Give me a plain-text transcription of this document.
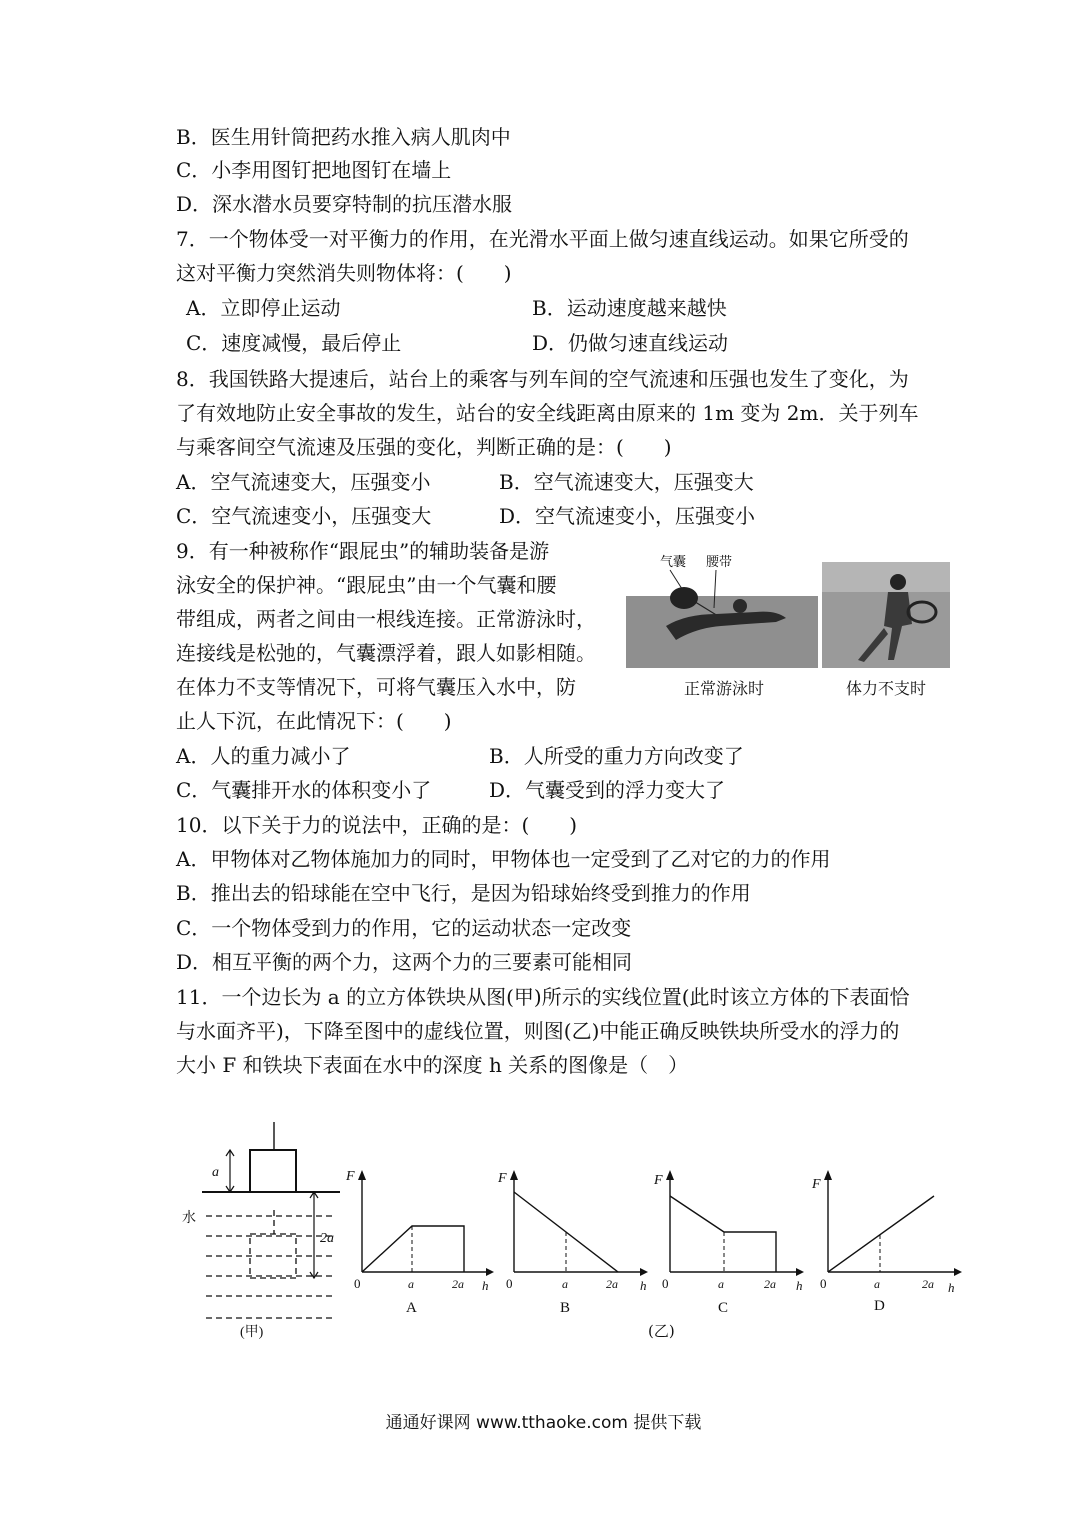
B．医生用针筒把药水推入病人肌肉中
C．小李用图钉把地图钉在墙上
D．深水潜水员要穿特制的抗压潜水服
7．一个物体受一对平衡力的作用，在光滑水平面上做匀速直线运动。如果它所受的
这对平衡力突然消失则物体将：(　　)
A．立即停止运动	B．运动速度越来越快
C．速度减慢，最后停止	D．仍做匀速直线运动
8．我国铁路大提速后，站台上的乘客与列车间的空气流速和压强也发生了变化，为
了有效地防止安全事故的发生，站台的安全线距离由原来的 1m 变为 2m．关于列车
与乘客间空气流速及压强的变化，判断正确的是：(　　)
A．空气流速变大，压强变小	B．空气流速变大，压强变大
C．空气流速变小，压强变大	D．空气流速变小，压强变小
9．有一种被称作“跟屁虫”的辅助装备是游
泳安全的保护神。“跟屁虫”由一个气囊和腰
带组成，两者之间由一根线连接。正常游泳时，
连接线是松弛的，气囊漂浮着，跟人如影相随。
在体力不支等情况下，可将气囊压入水中，防
止人下沉，在此情况下：(　　)
气囊 腰带
正常游泳时	体力不支时
A．人的重力减小了	B．人所受的重力方向改变了
C．气囊排开水的体积变小了	D．气囊受到的浮力变大了
10．以下关于力的说法中，正确的是：(　　)
A．甲物体对乙物体施加力的同时，甲物体也一定受到了乙对它的力的作用
B．推出去的铅球能在空中飞行，是因为铅球始终受到推力的作用
C．一个物体受到力的作用，它的运动状态一定改变
D．相互平衡的两个力，这两个力的三要素可能相同
11．一个边长为 a 的立方体铁块从图(甲)所示的实线位置(此时该立方体的下表面恰
与水面齐平)，下降至图中的虚线位置，则图(乙)中能正确反映铁块所受水的浮力的
大小 F 和铁块下表面在水中的深度 h 关系的图像是（　）
a
水
2a
(甲)
F
h
0	a	2a
A
F
h
0	a	2a
B
F
h
0	a	2a
C
F
h
0	a	2a
D
(乙)
通通好课网 www.tthaoke.com 提供下载
